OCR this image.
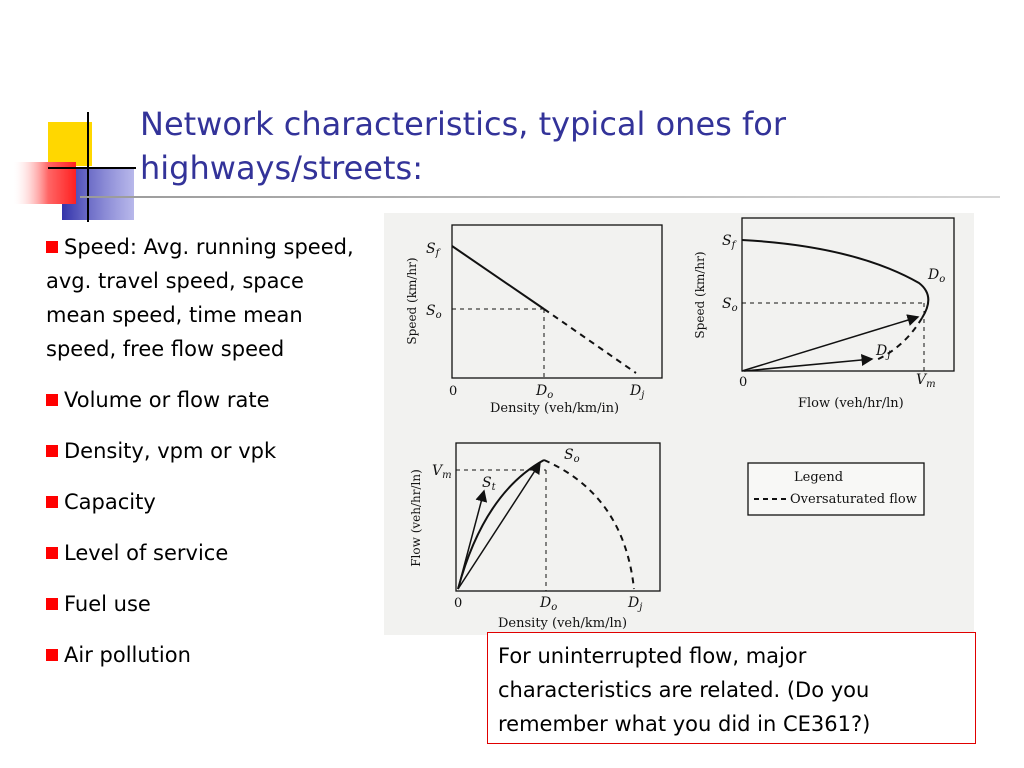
Network characteristics, typical ones for highways/streets:
Speed: Avg. running speed, avg. travel speed, space mean speed, time mean speed, free flow speed
Volume or flow rate
Density, vpm or vpk
Capacity
Level of service
Fuel use
Air pollution
$S_f$
$S_o$
0	$D_o$	$D_j$
Density (veh/km/in)
Speed (km/hr)
$S_f$
$S_o$
$D_o$
$D_j$
0	$V_m$
Flow (veh/hr/ln)
Speed (km/hr)
$V_m$
$S_o$
$S_t$
0	$D_o$	$D_j$
Density (veh/km/ln)
Flow (veh/hr/ln)	Legend
Oversaturated flow
For uninterrupted flow, major characteristics are related. (Do you remember what you did in CE361?)
